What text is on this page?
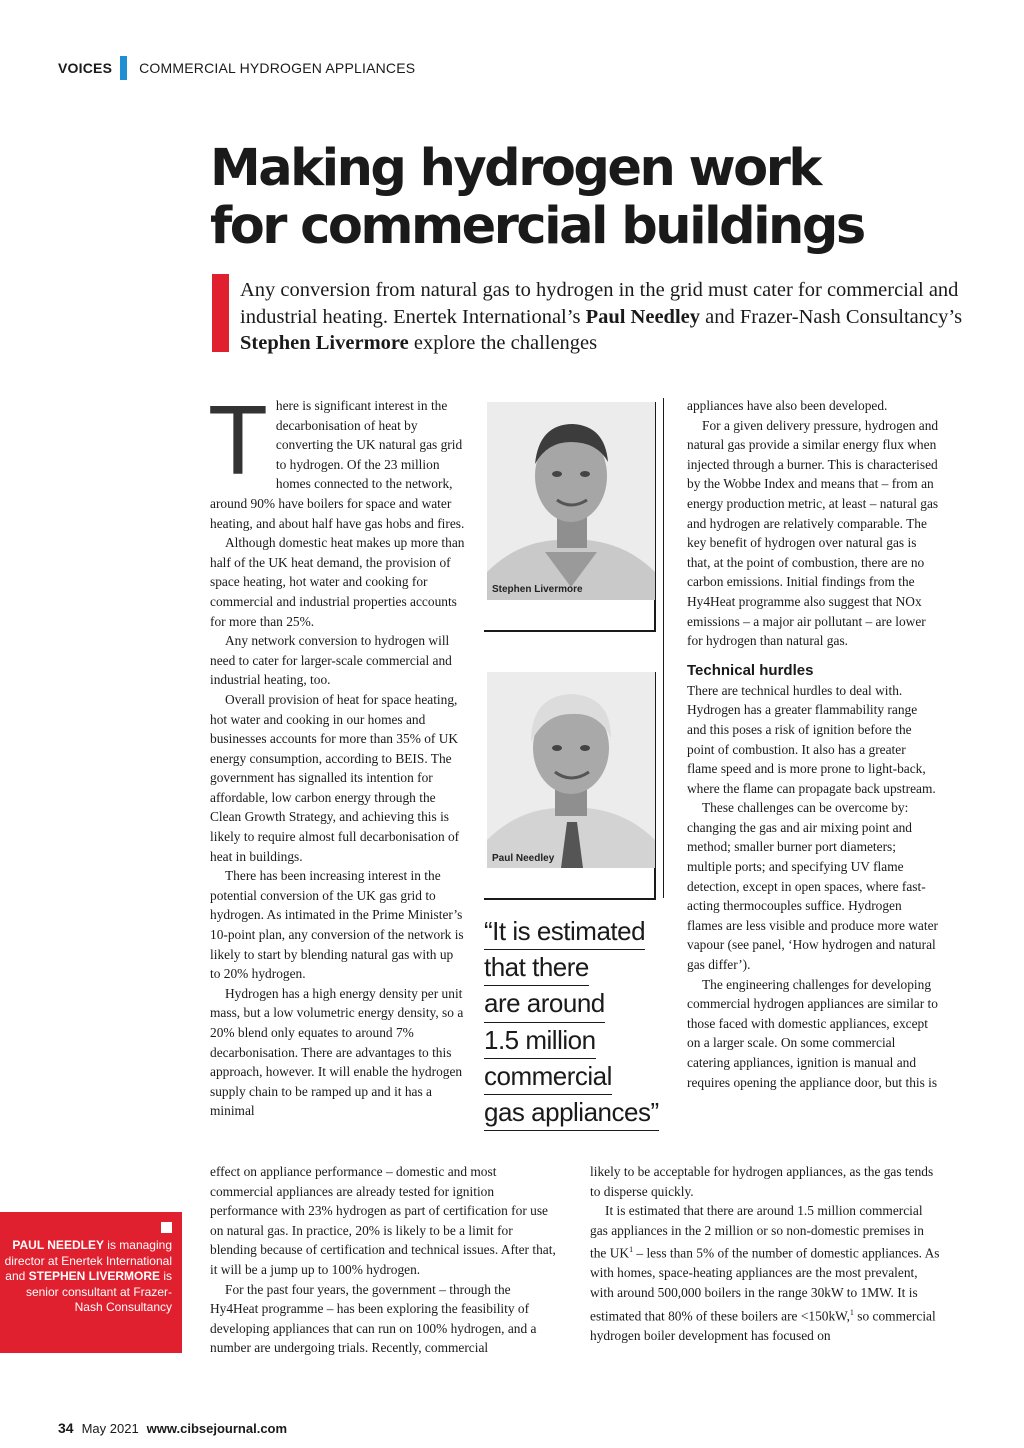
VOICES COMMERCIAL HYDROGEN APPLIANCES
Making hydrogen work
for commercial buildings

Any conversion from natural gas to hydrogen in the grid must cater for commercial and industrial heating. Enertek International’s Paul Needley and Frazer-Nash Consultancy’s Stephen Livermore explore the challenges

There is significant interest in the decarbonisation of heat by converting the UK natural gas grid to hydrogen. Of the 23 million homes connected to the network, around 90% have boilers for space and water heating, and about half have gas hobs and fires.

Although domestic heat makes up more than half of the UK heat demand, the provision of space heating, hot water and cooking for commercial and industrial properties accounts for more than 25%.

Any network conversion to hydrogen will need to cater for larger-scale commercial and industrial heating, too.

Overall provision of heat for space heating, hot water and cooking in our homes and businesses accounts for more than 35% of UK energy consumption, according to BEIS. The government has signalled its intention for affordable, low carbon energy through the Clean Growth Strategy, and achieving this is likely to require almost full decarbonisation of heat in buildings.

There has been increasing interest in the potential conversion of the UK gas grid to hydrogen. As intimated in the Prime Minister’s 10-point plan, any conversion of the network is likely to start by blending natural gas with up to 20% hydrogen.

Hydrogen has a high energy density per unit mass, but a low volumetric energy density, so a 20% blend only equates to around 7% decarbonisation. There are advantages to this approach, however. It will enable the hydrogen supply chain to be ramped up and it has a minimal

effect on appliance performance – domestic and most commercial appliances are already tested for ignition performance with 23% hydrogen as part of certification for use on natural gas. In practice, 20% is likely to be a limit for blending because of certification and technical issues. After that, it will be a jump up to 100% hydrogen.

For the past four years, the government – through the Hy4Heat programme – has been exploring the feasibility of developing appliances that can run on 100% hydrogen, and a number are undergoing trials. Recently, commercial

Stephen Livermore
Paul Needley
“It is estimated
that there
are around
1.5 million
commercial
gas appliances”

appliances have also been developed.

For a given delivery pressure, hydrogen and natural gas provide a similar energy flux when injected through a burner. This is characterised by the Wobbe Index and means that – from an energy production metric, at least – natural gas and hydrogen are relatively comparable. The key benefit of hydrogen over natural gas is that, at the point of combustion, there are no carbon emissions. Initial findings from the Hy4Heat programme also suggest that NOx emissions – a major air pollutant – are lower for hydrogen than natural gas.

Technical hurdles

There are technical hurdles to deal with. Hydrogen has a greater flammability range and this poses a risk of ignition before the point of combustion. It also has a greater flame speed and is more prone to light-back, where the flame can propagate back upstream.

These challenges can be overcome by: changing the gas and air mixing point and method; smaller burner port diameters; multiple ports; and specifying UV flame detection, except in open spaces, where fast-acting thermocouples suffice. Hydrogen flames are less visible and produce more water vapour (see panel, ‘How hydrogen and natural gas differ’).

The engineering challenges for developing commercial hydrogen appliances are similar to those faced with domestic appliances, except on a larger scale. On some commercial catering appliances, ignition is manual and requires opening the appliance door, but this is

likely to be acceptable for hydrogen appliances, as the gas tends to disperse quickly.

It is estimated that there are around 1.5 million commercial gas appliances in the 2 million or so non-domestic premises in the $UK^1$ – less than 5% of the number of domestic appliances. As with homes, space-heating appliances are the most prevalent, with around 500,000 boilers in the range 30kW to 1MW. It is estimated that 80% of these boilers are <150kW,$^1$ so commercial hydrogen boiler development has focused on

PAUL NEEDLEY is managing director at Enertek International and STEPHEN LIVERMORE is senior consultant at Frazer-Nash Consultancy
34 May 2021 www.cibsejournal.com
